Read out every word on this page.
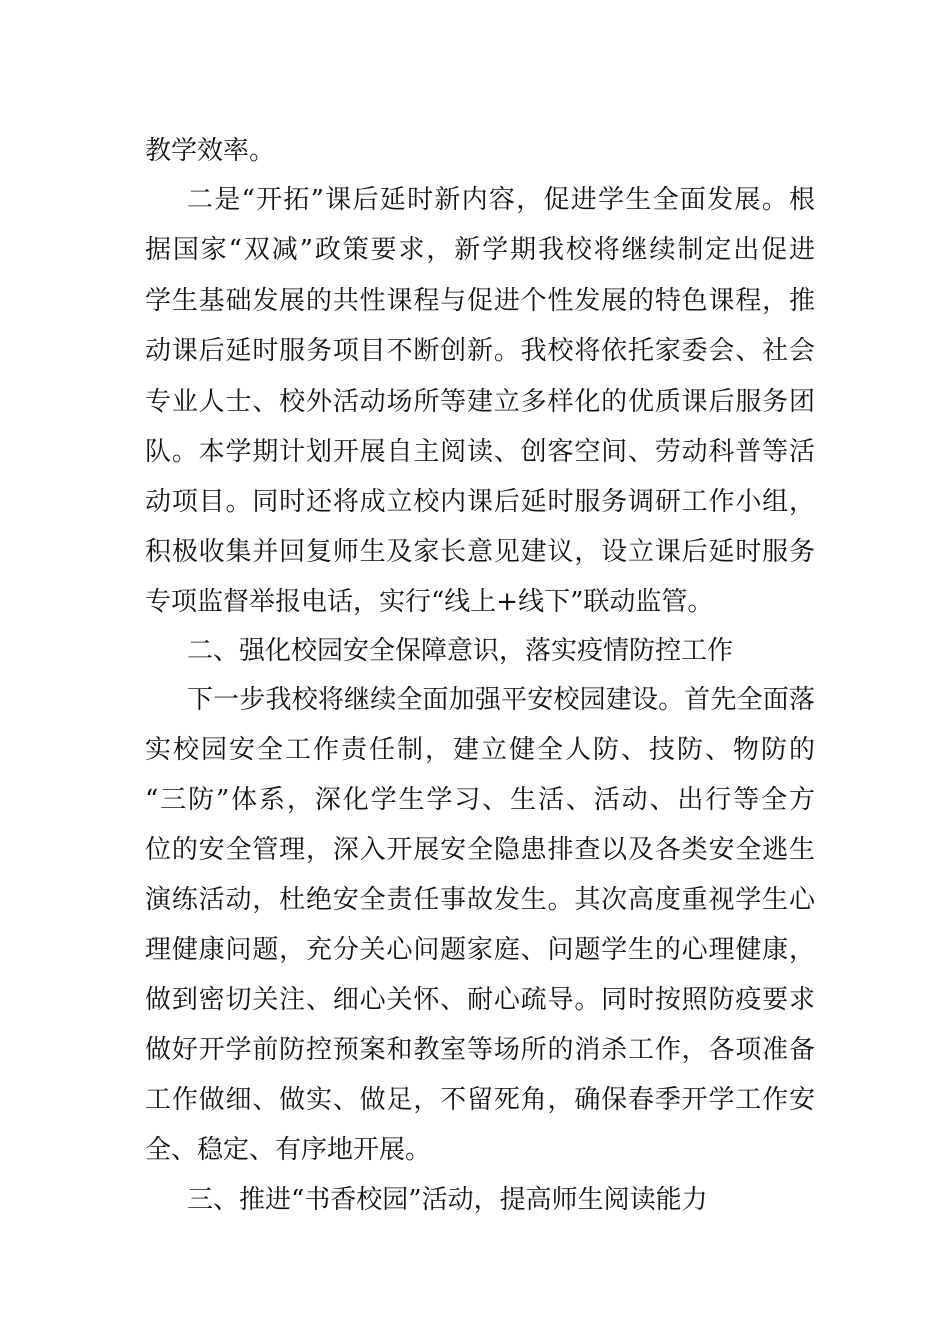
教学效率。
二是“开拓”课后延时新内容，促进学生全面发展。根
据国家“双减”政策要求，新学期我校将继续制定出促进
学生基础发展的共性课程与促进个性发展的特色课程，推
动课后延时服务项目不断创新。我校将依托家委会、社会
专业人士、校外活动场所等建立多样化的优质课后服务团
队。本学期计划开展自主阅读、创客空间、劳动科普等活
动项目。同时还将成立校内课后延时服务调研工作小组，
积极收集并回复师生及家长意见建议，设立课后延时服务
专项监督举报电话，实行“线上+线下”联动监管。
二、强化校园安全保障意识，落实疫情防控工作
下一步我校将继续全面加强平安校园建设。首先全面落
实校园安全工作责任制，建立健全人防、技防、物防的
“三防”体系，深化学生学习、生活、活动、出行等全方
位的安全管理，深入开展安全隐患排查以及各类安全逃生
演练活动，杜绝安全责任事故发生。其次高度重视学生心
理健康问题，充分关心问题家庭、问题学生的心理健康，
做到密切关注、细心关怀、耐心疏导。同时按照防疫要求
做好开学前防控预案和教室等场所的消杀工作，各项准备
工作做细、做实、做足，不留死角，确保春季开学工作安
全、稳定、有序地开展。
三、推进“书香校园”活动，提高师生阅读能力
